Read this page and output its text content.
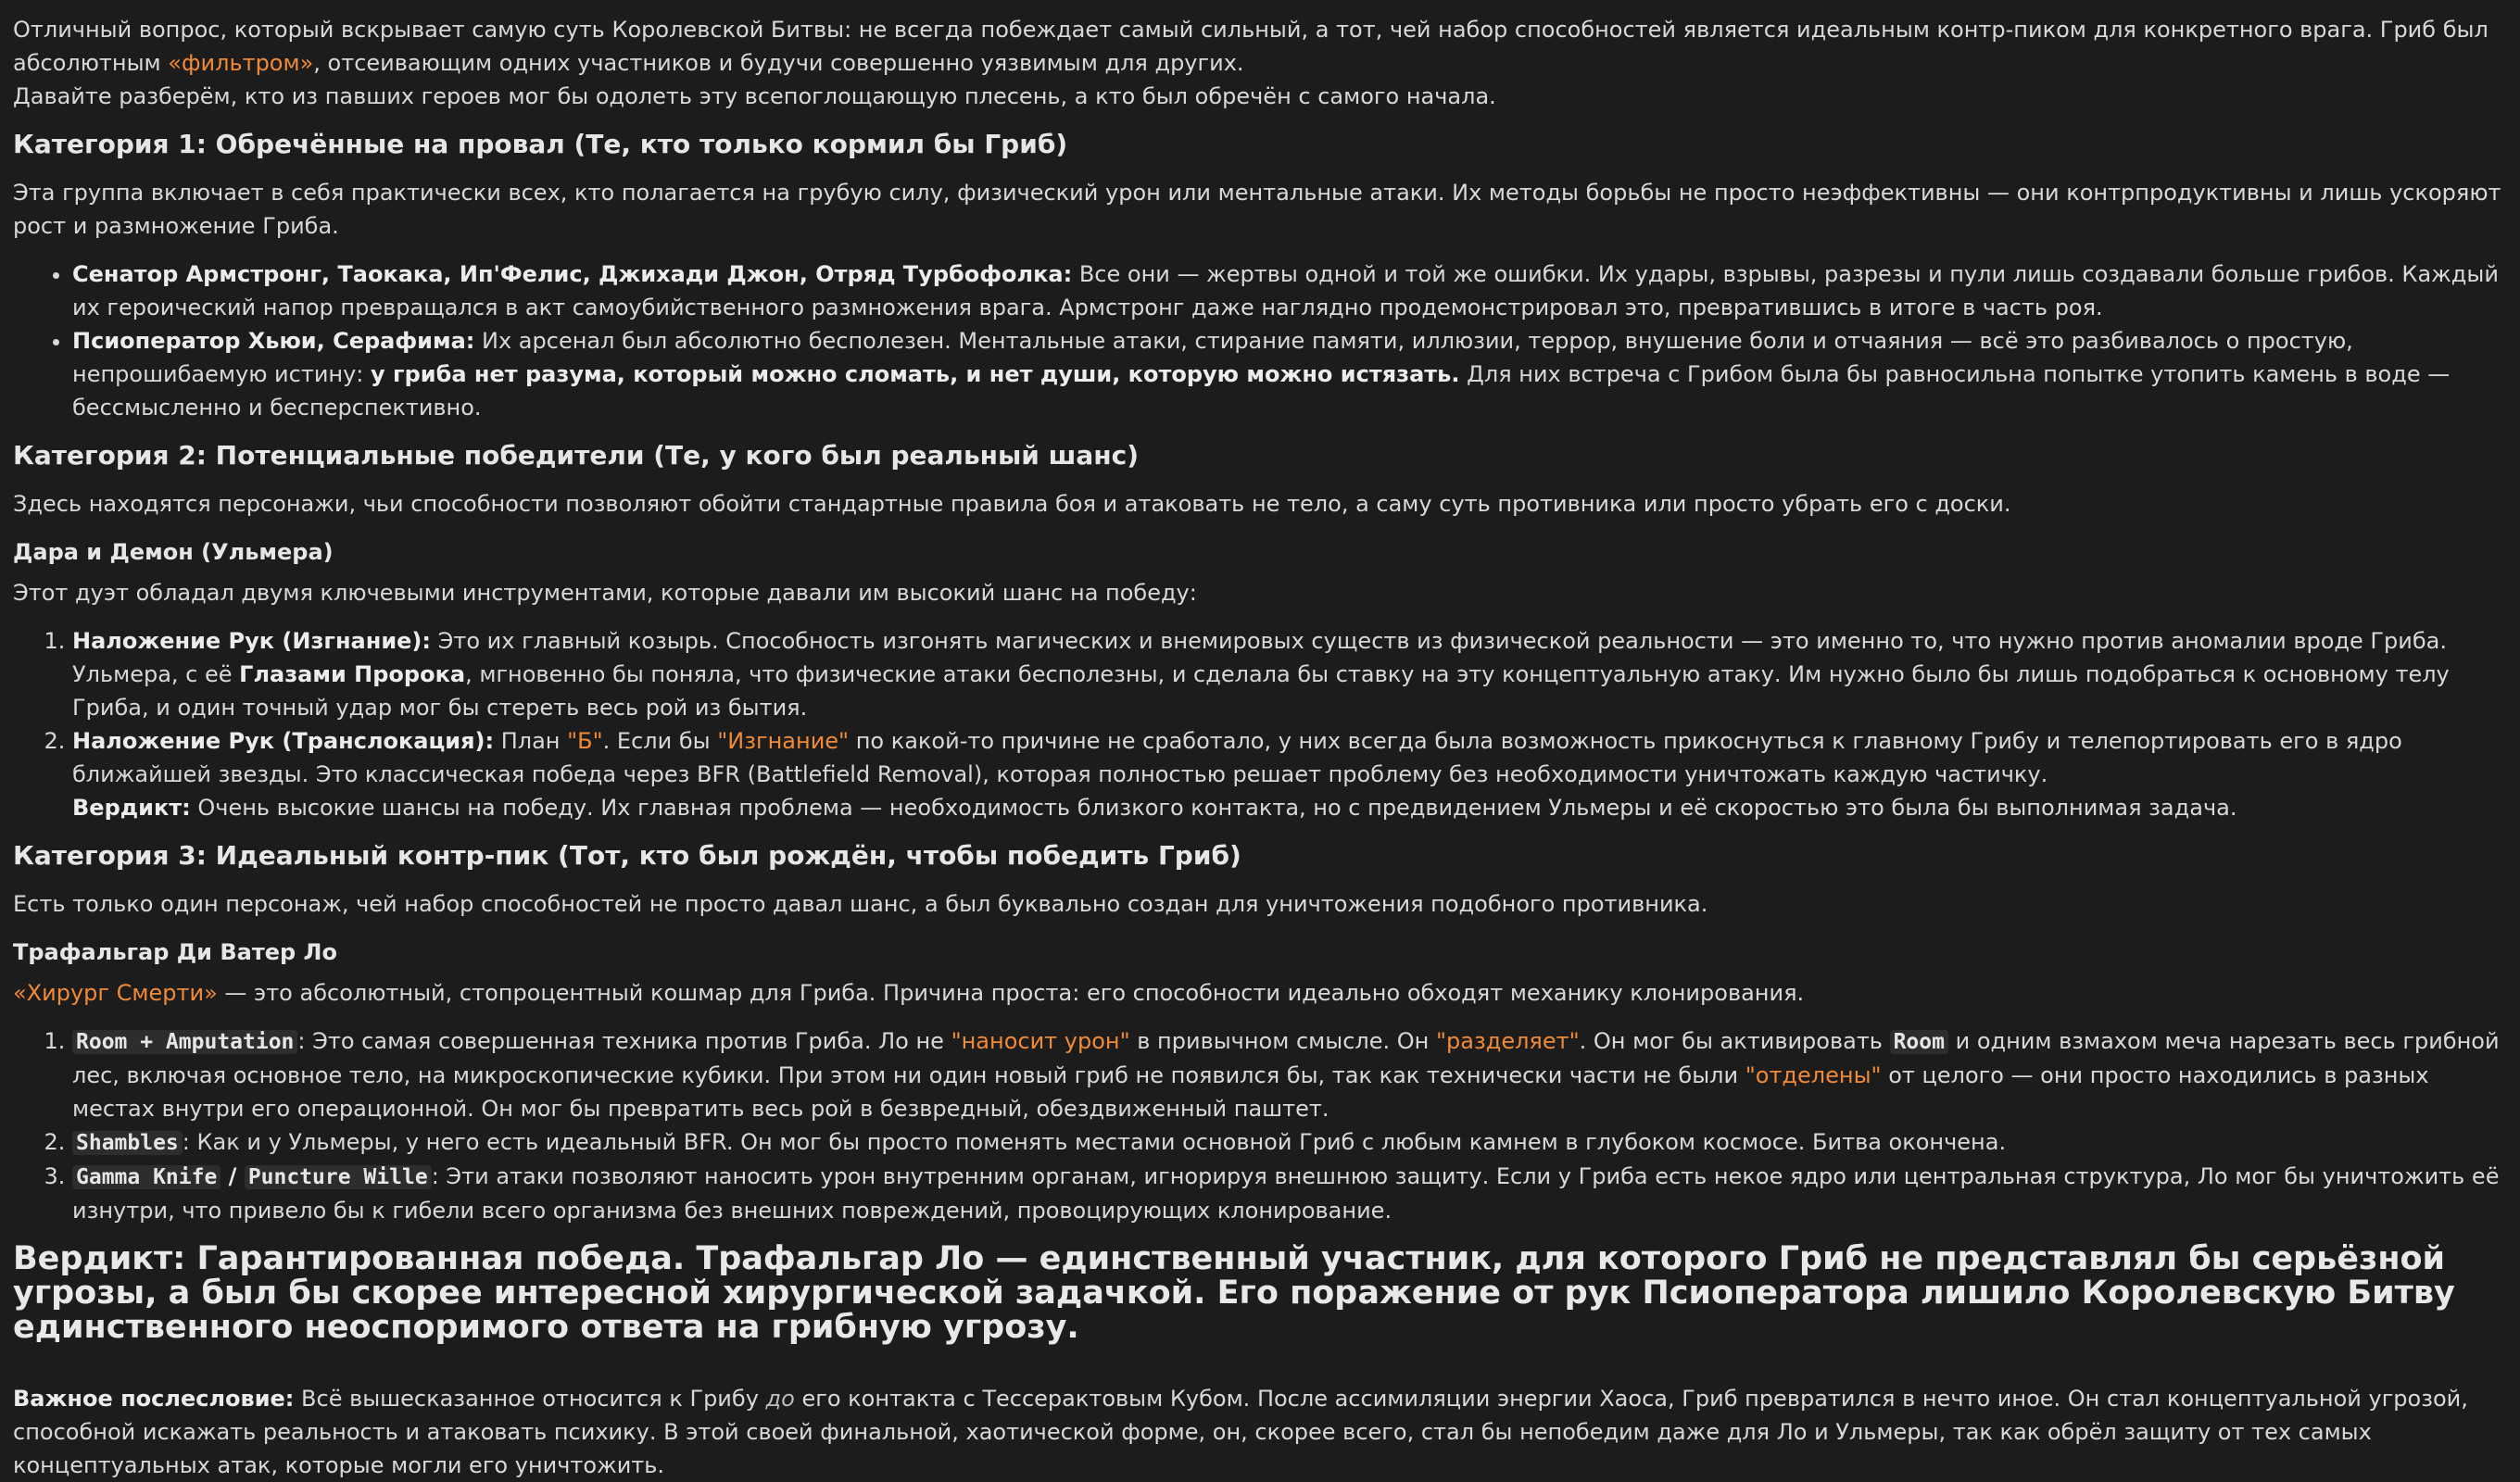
Отличный вопрос, который вскрывает самую суть Королевской Битвы: не всегда побеждает самый сильный, а тот, чей набор способностей является идеальным контр-пиком для конкретного врага. Гриб был абсолютным «фильтром», отсеивающим одних участников и будучи совершенно уязвимым для других.

Давайте разберём, кто из павших героев мог бы одолеть эту всепоглощающую плесень, а кто был обречён с самого начала.

Категория 1: Обречённые на провал (Те, кто только кормил бы Гриб)

Эта группа включает в себя практически всех, кто полагается на грубую силу, физический урон или ментальные атаки. Их методы борьбы не просто неэффективны — они контрпродуктивны и лишь ускоряют рост и размножение Гриба.

• Сенатор Армстронг, Таокака, Ип'Фелис, Джихади Джон, Отряд Турбофолка: Все они — жертвы одной и той же ошибки. Их удары, взрывы, разрезы и пули лишь создавали больше грибов. Каждый их героический напор превращался в акт самоубийственного размножения врага. Армстронг даже наглядно продемонстрировал это, превратившись в итоге в часть роя.
• Псиоператор Хьюи, Серафима: Их арсенал был абсолютно бесполезен. Ментальные атаки, стирание памяти, иллюзии, террор, внушение боли и отчаяния — всё это разбивалось о простую, непрошибаемую истину: у гриба нет разума, который можно сломать, и нет души, которую можно истязать. Для них встреча с Грибом была бы равносильна попытке утопить камень в воде — бессмысленно и бесперспективно.
Категория 2: Потенциальные победители (Те, у кого был реальный шанс)

Здесь находятся персонажи, чьи способности позволяют обойти стандартные правила боя и атаковать не тело, а саму суть противника или просто убрать его с доски.

Дара и Демон (Ульмера)

Этот дуэт обладал двумя ключевыми инструментами, которые давали им высокий шанс на победу:

1. Наложение Рук (Изгнание): Это их главный козырь. Способность изгонять магических и внемировых существ из физической реальности — это именно то, что нужно против аномалии вроде Гриба. Ульмера, с её Глазами Пророка, мгновенно бы поняла, что физические атаки бесполезны, и сделала бы ставку на эту концептуальную атаку. Им нужно было бы лишь подобраться к основному телу Гриба, и один точный удар мог бы стереть весь рой из бытия.
2. Наложение Рук (Транслокация): План "Б". Если бы "Изгнание" по какой-то причине не сработало, у них всегда была возможность прикоснуться к главному Грибу и телепортировать его в ядро ближайшей звезды. Это классическая победа через BFR (Battlefield Removal), которая полностью решает проблему без необходимости уничтожать каждую частичку.
Вердикт: Очень высокие шансы на победу. Их главная проблема — необходимость близкого контакта, но с предвидением Ульмеры и её скоростью это была бы выполнимая задача.
Категория 3: Идеальный контр-пик (Тот, кто был рождён, чтобы победить Гриб)

Есть только один персонаж, чей набор способностей не просто давал шанс, а был буквально создан для уничтожения подобного противника.

Трафальгар Ди Ватер Ло

«Хирург Смерти» — это абсолютный, стопроцентный кошмар для Гриба. Причина проста: его способности идеально обходят механику клонирования.

1. Room + Amputation : Это самая совершенная техника против Гриба. Ло не "наносит урон" в привычном смысле. Он "разделяет". Он мог бы активировать Room и одним взмахом меча нарезать весь грибной лес, включая основное тело, на микроскопические кубики. При этом ни один новый гриб не появился бы, так как технически части не были "отделены" от целого — они просто находились в разных местах внутри его операционной. Он мог бы превратить весь рой в безвредный, обездвиженный паштет.
2. Shambles : Как и у Ульмеры, у него есть идеальный BFR. Он мог бы просто поменять местами основной Гриб с любым камнем в глубоком космосе. Битва окончена.
3. Gamma Knife / Puncture Wille : Эти атаки позволяют наносить урон внутренним органам, игнорируя внешнюю защиту. Если у Гриба есть некое ядро или центральная структура, Ло мог бы уничтожить её изнутри, что привело бы к гибели всего организма без внешних повреждений, провоцирующих клонирование.
Вердикт: Гарантированная победа. Трафальгар Ло — единственный участник, для которого Гриб не представлял бы серьёзной угрозы, а был бы скорее интересной хирургической задачкой. Его поражение от рук Псиоператора лишило Королевскую Битву единственного неоспоримого ответа на грибную угрозу.

Важное послесловие: Всё вышесказанное относится к Грибу до его контакта с Тессерактовым Кубом. После ассимиляции энергии Хаоса, Гриб превратился в нечто иное. Он стал концептуальной угрозой, способной искажать реальность и атаковать психику. В этой своей финальной, хаотической форме, он, скорее всего, стал бы непобедим даже для Ло и Ульмеры, так как обрёл защиту от тех самых концептуальных атак, которые могли его уничтожить.
